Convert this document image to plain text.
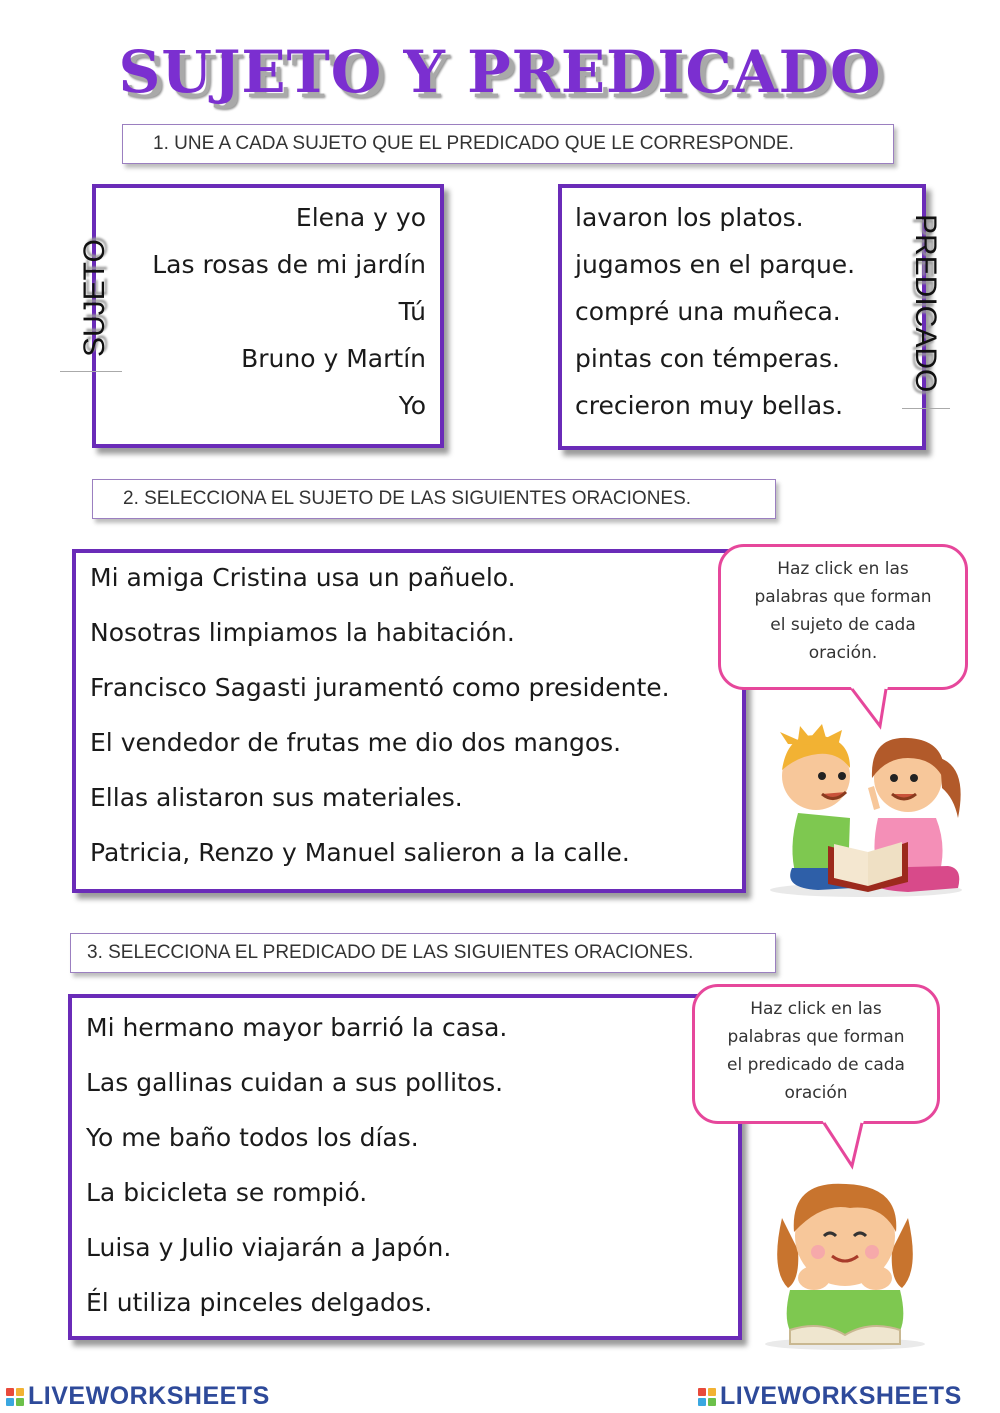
SUJETO Y PREDICADO
1. UNE A CADA SUJETO QUE EL PREDICADO QUE LE CORRESPONDE.
Elena y yo
Las rosas de mi jardín
Tú
Bruno y Martín
Yo
SUJETO
lavaron los platos.
jugamos en el parque.
compré una muñeca.
pintas con témperas.
crecieron muy bellas.
PREDICADO
2. SELECCIONA EL SUJETO DE LAS SIGUIENTES ORACIONES.
Mi amiga Cristina usa un pañuelo.
Nosotras limpiamos la habitación.
Francisco Sagasti juramentó como presidente.
El vendedor de frutas me dio dos mangos.
Ellas alistaron sus materiales.
Patricia, Renzo y Manuel salieron a la calle.
Haz click en las
palabras que forman
el sujeto de cada
oración.
3. SELECCIONA EL PREDICADO DE LAS SIGUIENTES ORACIONES.
Mi hermano mayor barrió la casa.
Las gallinas cuidan a sus pollitos.
Yo me baño todos los días.
La bicicleta se rompió.
Luisa y Julio viajarán a Japón.
Él utiliza pinceles delgados.
Haz click en las
palabras que forman
el predicado de cada
oración
LIVEWORKSHEETS	LIVEWORKSHEETS
